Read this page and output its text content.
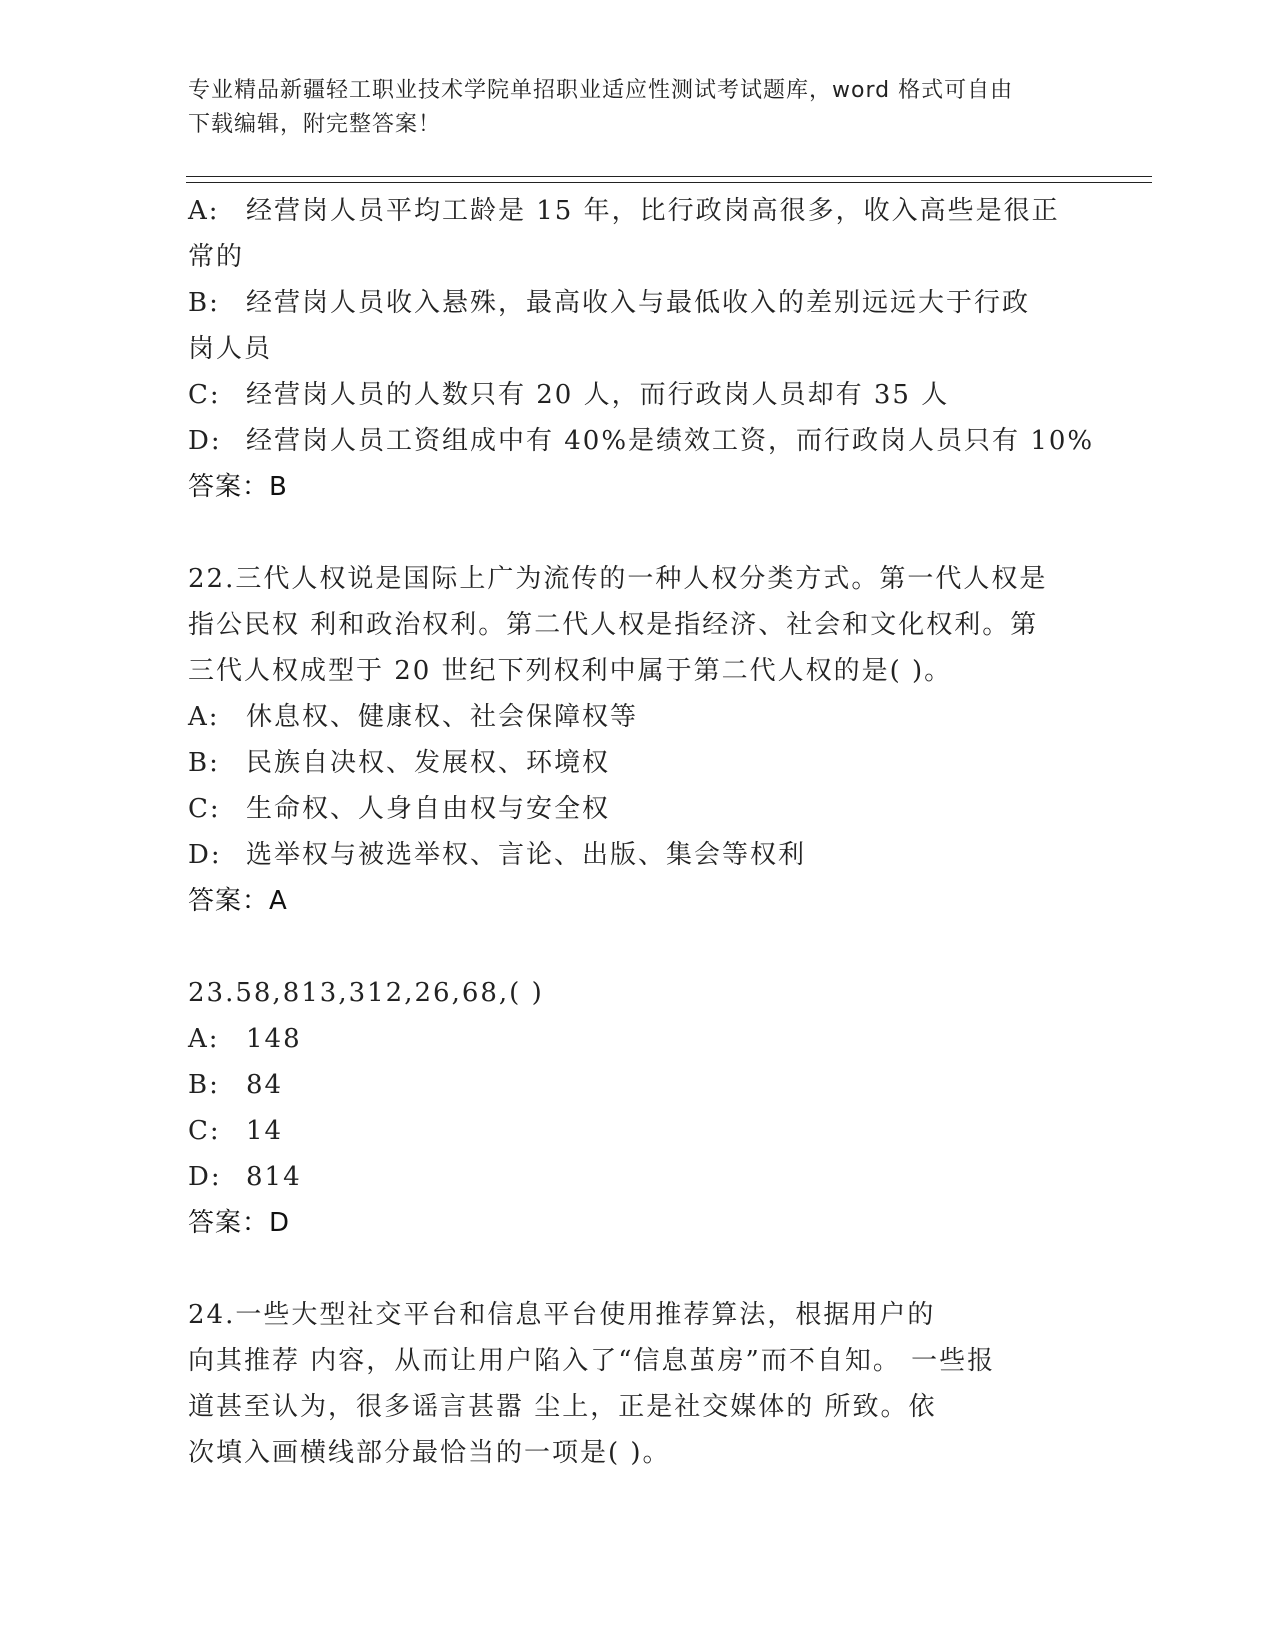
专业精品新疆轻工职业技术学院单招职业适应性测试考试题库，word 格式可自由
下载编辑，附完整答案！
A:	经营岗人员平均工龄是 15 年，比行政岗高很多，收入高些是很正
常的
B:	经营岗人员收入悬殊，最高收入与最低收入的差别远远大于行政
岗人员
C: 经营岗人员的人数只有 20 人，而行政岗人员却有 35 人
D: 经营岗人员工资组成中有 40%是绩效工资，而行政岗人员只有 10%
答案：B
22.三代人权说是国际上广为流传的一种人权分类方式。第一代人权是
指公民权 利和政治权利。第二代人权是指经济、社会和文化权利。第
三代人权成型于 20 世纪下列权利中属于第二代人权的是( )。
A:	休息权、健康权、社会保障权等
B:	民族自决权、发展权、环境权
C: 生命权、人身自由权与安全权
D: 选举权与被选举权、言论、出版、集会等权利
答案：A
23.58,813,312,26,68,( )
A:	148
B:	84
C: 14
D: 814
答案：D
24.一些大型社交平台和信息平台使用推荐算法，根据用户的
向其推荐 内容，从而让用户陷入了“信息茧房”而不自知。 一些报
道甚至认为，很多谣言甚嚣 尘上，正是社交媒体的 所致。依
次填入画横线部分最恰当的一项是( )。
